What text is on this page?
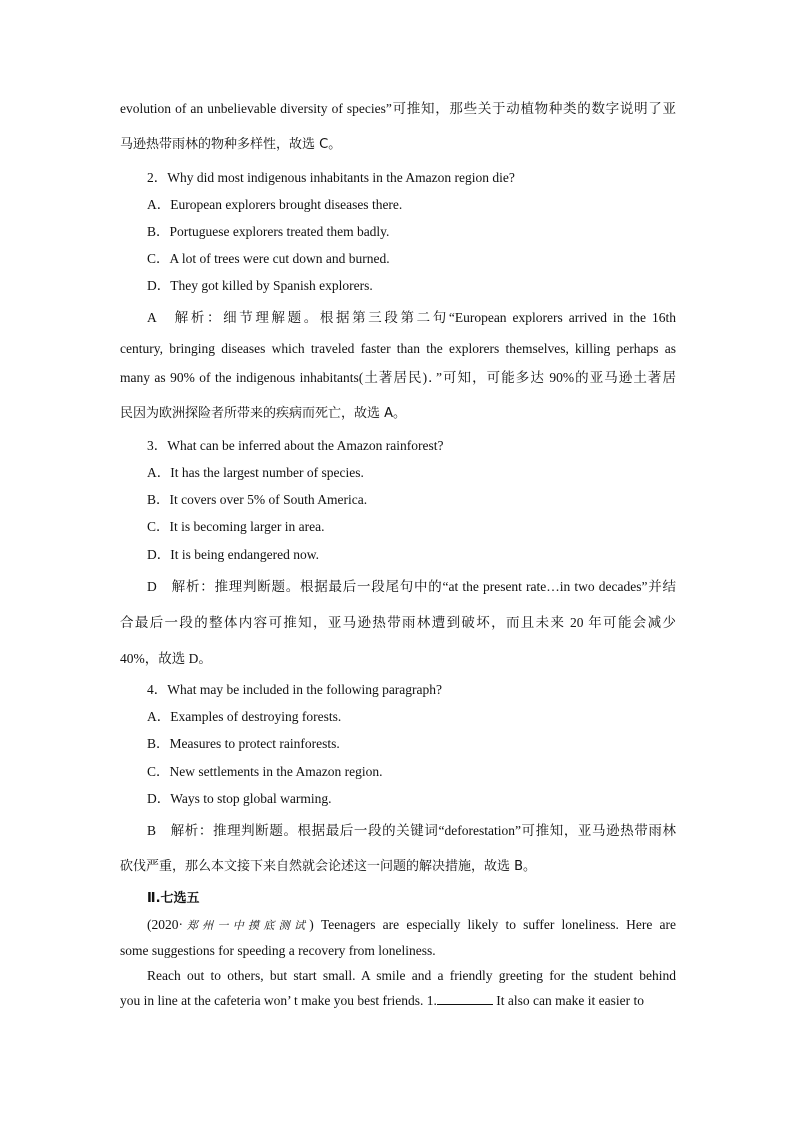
evolution of an unbelievable diversity of species”可推知，那些关于动植物种类的数字说明了亚
马逊热带雨林的物种多样性，故选 C。
2．Why did most indigenous inhabitants in the Amazon region die?
A．European explorers brought diseases there.
B．Portuguese explorers treated them badly.
C．A lot of trees were cut down and burned.
D．They got killed by Spanish explorers.
A　解析：细节理解题。根据第三段第二句“European explorers arrived in the 16th
century, bringing diseases which traveled faster than the explorers themselves, killing perhaps as
many as 90% of the indigenous inhabitants(土著居民)．”可知，可能多达 90%的亚马逊土著居
民因为欧洲探险者所带来的疾病而死亡，故选 A。
3．What can be inferred about the Amazon rainforest?
A．It has the largest number of species.
B．It covers over 5% of South America.
C．It is becoming larger in area.
D．It is being endangered now.
D　解析：推理判断题。根据最后一段尾句中的“at the present rate…in two decades”并结
合最后一段的整体内容可推知，亚马逊热带雨林遭到破坏，而且未来 20 年可能会减少
40%，故选 D。
4．What may be included in the following paragraph?
A．Examples of destroying forests.
B．Measures to protect rainforests.
C．New settlements in the Amazon region.
D．Ways to stop global warming.
B　解析：推理判断题。根据最后一段的关键词“deforestation”可推知，亚马逊热带雨林
砍伐严重，那么本文接下来自然就会论述这一问题的解决措施，故选 B。
Ⅱ.七选五
(2020·郑州一中摸底测试) Teenagers are especially likely to suffer loneliness. Here are
some suggestions for speeding a recovery from loneliness.
Reach out to others, but start small. A smile and a friendly greeting for the student behind
you in line at the cafeteria won’ t make you best friends. 1.	It also can make it easier to
